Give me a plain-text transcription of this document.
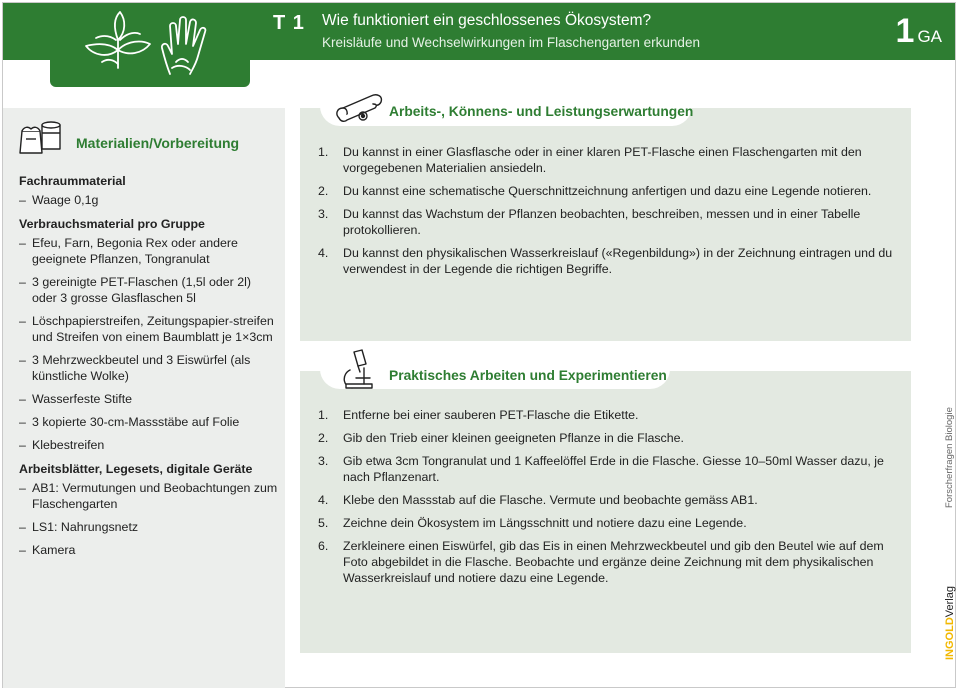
T 1 Wie funktioniert ein geschlossenes Ökosystem?
Kreisläufe und Wechselwirkungen im Flaschengarten erkunden	1 GA
Materialien/Vorbereitung
Fachraummaterial
– Waage 0,1g
Verbrauchsmaterial pro Gruppe
– Efeu, Farn, Begonia Rex oder andere geeignete Pflanzen, Tongranulat
– 3 gereinigte PET-Flaschen (1,5l oder 2l) oder 3 grosse Glasflaschen 5l
– Löschpapierstreifen, Zeitungspapier-streifen und Streifen von einem Baumblatt je 1×3cm
– 3 Mehrzweckbeutel und 3 Eiswürfel (als künstliche Wolke)
– Wasserfeste Stifte
– 3 kopierte 30-cm-Massstäbe auf Folie
– Klebestreifen
Arbeitsblätter, Legesets, digitale Geräte
– AB1: Vermutungen und Beobachtungen zum Flaschengarten
– LS1: Nahrungsnetz
– Kamera
Arbeits-, Könnens- und Leistungserwartungen
1.	Du kannst in einer Glasflasche oder in einer klaren PET-Flasche einen Flaschengarten mit den vorgegebenen Materialien ansiedeln.
2.	Du kannst eine schematische Querschnittzeichnung anfertigen und dazu eine Legende notieren.
3.	Du kannst das Wachstum der Pflanzen beobachten, beschreiben, messen und in einer Tabelle protokollieren.
4.	Du kannst den physikalischen Wasserkreislauf («Regenbildung») in der Zeichnung eintragen und du verwendest in der Legende die richtigen Begriffe.
Praktisches Arbeiten und Experimentieren
1.	Entferne bei einer sauberen PET-Flasche die Etikette.
2.	Gib den Trieb einer kleinen geeigneten Pflanze in die Flasche.
3.	Gib etwa 3cm Tongranulat und 1 Kaffeelöffel Erde in die Flasche. Giesse 10–50ml Wasser dazu, je nach Pflanzenart.
4.	Klebe den Massstab auf die Flasche. Vermute und beobachte gemäss AB1.
5.	Zeichne dein Ökosystem im Längsschnitt und notiere dazu eine Legende.
6.	Zerkleinere einen Eiswürfel, gib das Eis in einen Mehrzweckbeutel und gib den Beutel wie auf dem Foto abgebildet in die Flasche. Beobachte und ergänze deine Zeichnung mit dem physikalischen Wasserkreislauf und notiere dazu eine Legende.
Forscherfragen Biologie
INGOLDVerlag
